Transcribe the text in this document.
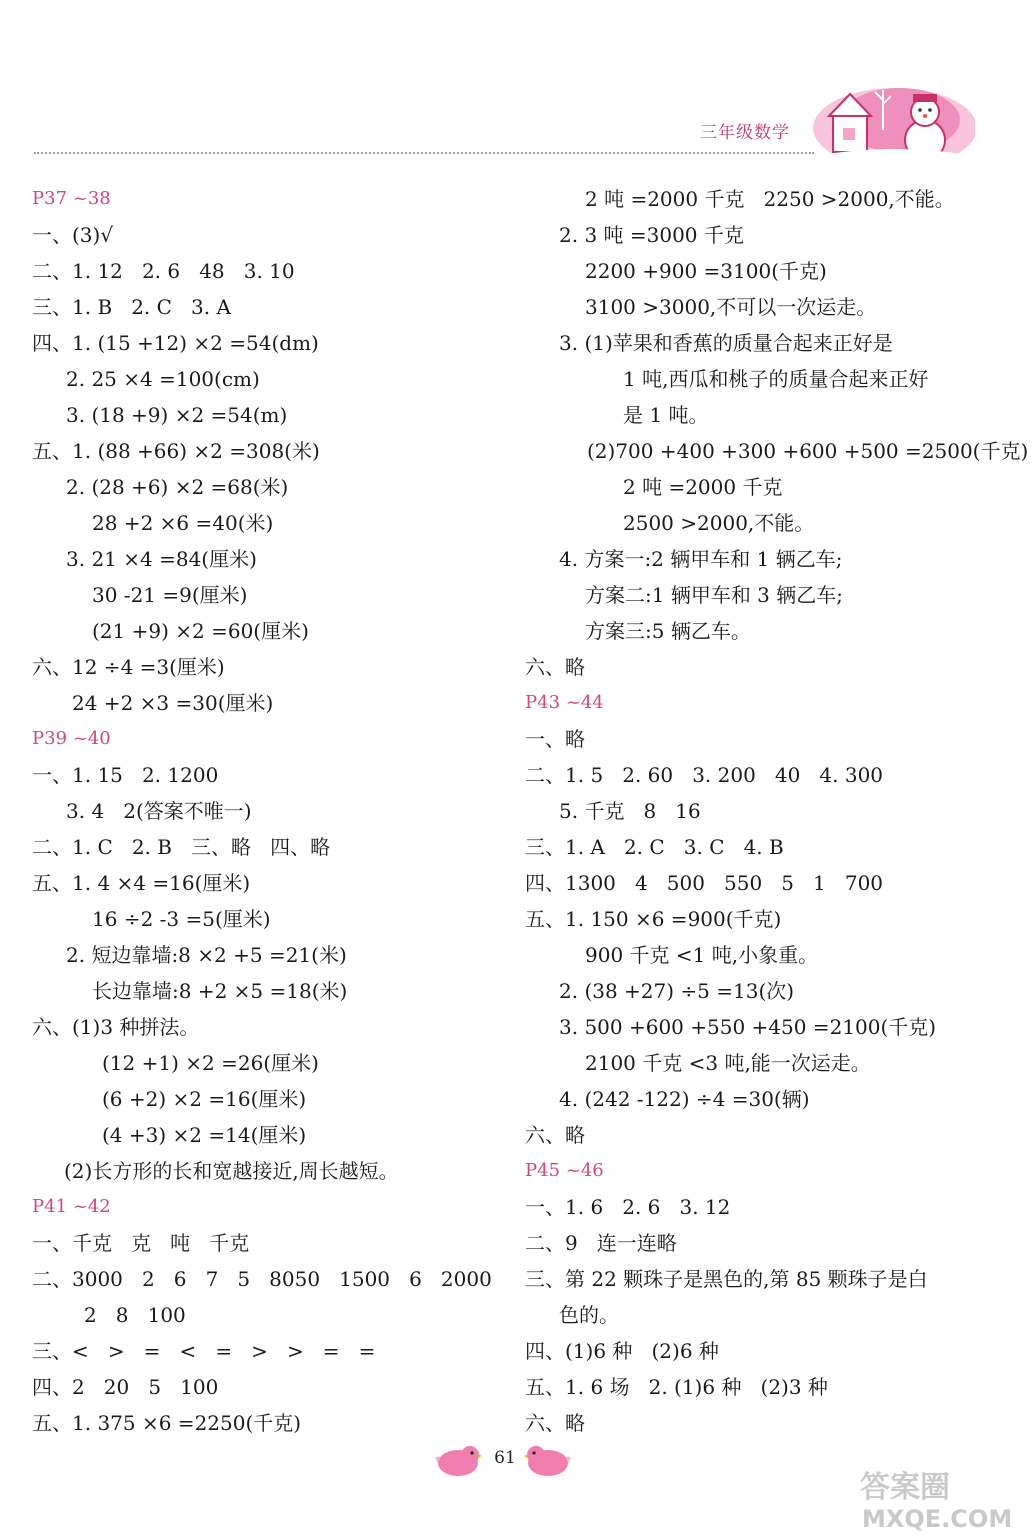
三年级数学
P37 ~38
一、(3)√
二、1. 12   2. 6   48   3. 10
三、1. B   2. C   3. A
四、1. (15 +12) ×2 =54(dm)
2. 25 ×4 =100(cm)
3. (18 +9) ×2 =54(m)
五、1. (88 +66) ×2 =308(米)
2. (28 +6) ×2 =68(米)
28 +2 ×6 =40(米)
3. 21 ×4 =84(厘米)
30 -21 =9(厘米)
(21 +9) ×2 =60(厘米)
六、12 ÷4 =3(厘米)
24 +2 ×3 =30(厘米)
P39 ~40
一、1. 15   2. 1200
3. 4   2(答案不唯一)
二、1. C   2. B   三、略   四、略
五、1. 4 ×4 =16(厘米)
16 ÷2 -3 =5(厘米)
2. 短边靠墙:8 ×2 +5 =21(米)
长边靠墙:8 +2 ×5 =18(米)
六、(1)3 种拼法。
(12 +1) ×2 =26(厘米)
(6 +2) ×2 =16(厘米)
(4 +3) ×2 =14(厘米)
(2)长方形的长和宽越接近,周长越短。
P41 ~42
一、千克   克   吨   千克
二、3000   2   6   7   5   8050   1500   6   2000
2   8   100
三、<   >   =   <   =   >   >   =   =
四、2   20   5   100
五、1. 375 ×6 =2250(千克)
2 吨 =2000 千克   2250 >2000,不能。
2. 3 吨 =3000 千克
2200 +900 =3100(千克)
3100 >3000,不可以一次运走。
3. (1)苹果和香蕉的质量合起来正好是
1 吨,西瓜和桃子的质量合起来正好
是 1 吨。
(2)700 +400 +300 +600 +500 =2500(千克)
2 吨 =2000 千克
2500 >2000,不能。
4. 方案一:2 辆甲车和 1 辆乙车;
方案二:1 辆甲车和 3 辆乙车;
方案三:5 辆乙车。
六、略
P43 ~44
一、略
二、1. 5   2. 60   3. 200   40   4. 300
5. 千克   8   16
三、1. A   2. C   3. C   4. B
四、1300   4   500   550   5   1   700
五、1. 150 ×6 =900(千克)
900 千克 <1 吨,小象重。
2. (38 +27) ÷5 =13(次)
3. 500 +600 +550 +450 =2100(千克)
2100 千克 <3 吨,能一次运走。
4. (242 -122) ÷4 =30(辆)
六、略
P45 ~46
一、1. 6   2. 6   3. 12
二、9   连一连略
三、第 22 颗珠子是黑色的,第 85 颗珠子是白
色的。
四、(1)6 种   (2)6 种
五、1. 6 场   2. (1)6 种   (2)3 种
六、略
61
答案圈
MXQE.COM
